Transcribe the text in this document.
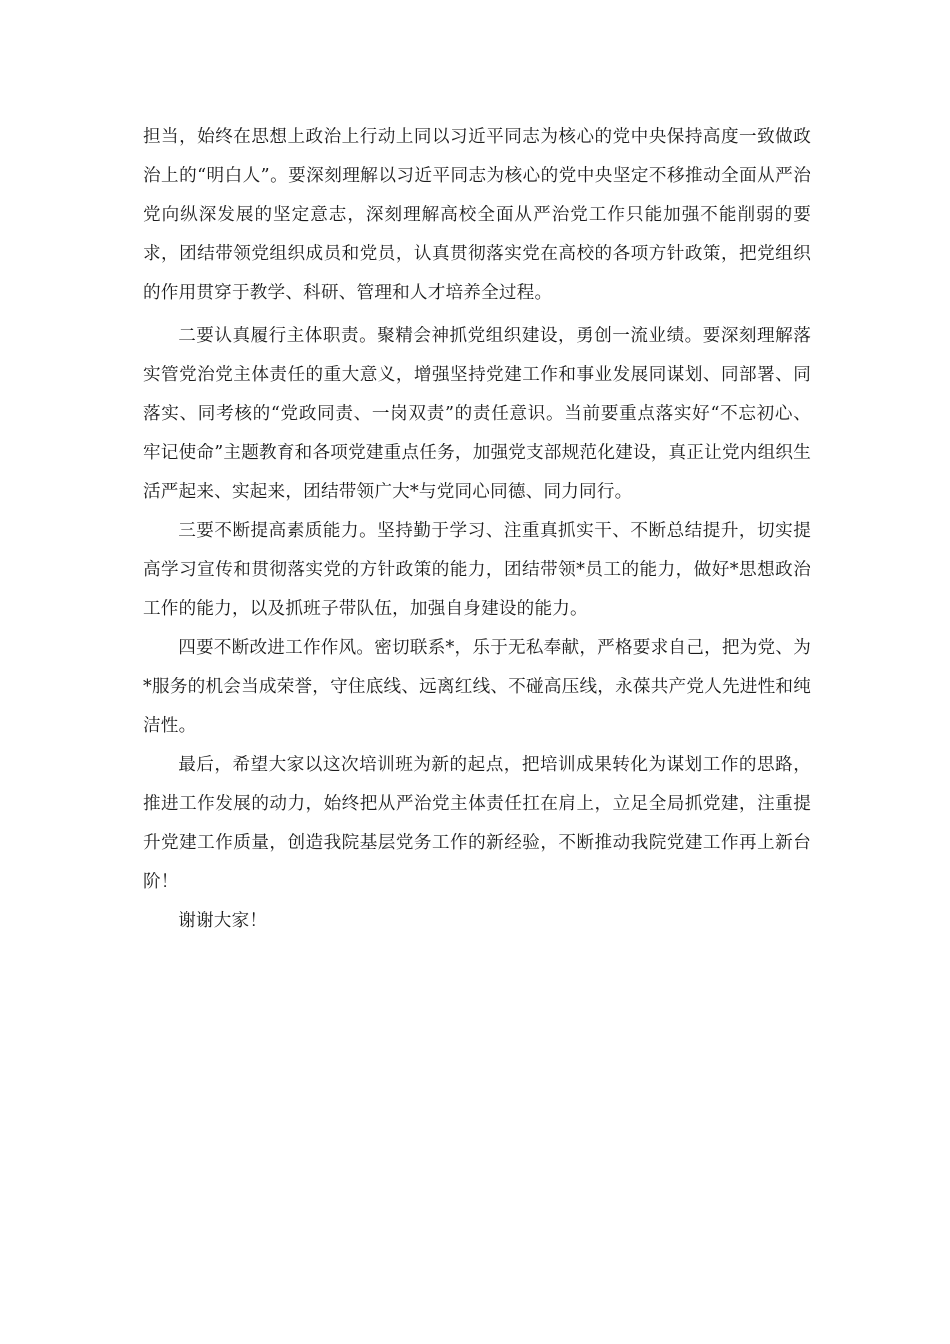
担当，始终在思想上政治上行动上同以习近平同志为核心的党中央保持高度一致做政治上的“明白人”。要深刻理解以习近平同志为核心的党中央坚定不移推动全面从严治党向纵深发展的坚定意志，深刻理解高校全面从严治党工作只能加强不能削弱的要求，团结带领党组织成员和党员，认真贯彻落实党在高校的各项方针政策，把党组织的作用贯穿于教学、科研、管理和人才培养全过程。

二要认真履行主体职责。聚精会神抓党组织建设，勇创一流业绩。要深刻理解落实管党治党主体责任的重大意义，增强坚持党建工作和事业发展同谋划、同部署、同落实、同考核的“党政同责、一岗双责”的责任意识。当前要重点落实好“不忘初心、牢记使命”主题教育和各项党建重点任务，加强党支部规范化建设，真正让党内组织生活严起来、实起来，团结带领广大*与党同心同德、同力同行。

三要不断提高素质能力。坚持勤于学习、注重真抓实干、不断总结提升，切实提高学习宣传和贯彻落实党的方针政策的能力，团结带领*员工的能力，做好*思想政治工作的能力，以及抓班子带队伍，加强自身建设的能力。

四要不断改进工作作风。密切联系*，乐于无私奉献，严格要求自己，把为党、为*服务的机会当成荣誉，守住底线、远离红线、不碰高压线，永葆共产党人先进性和纯洁性。

最后，希望大家以这次培训班为新的起点，把培训成果转化为谋划工作的思路，推进工作发展的动力，始终把从严治党主体责任扛在肩上，立足全局抓党建，注重提升党建工作质量，创造我院基层党务工作的新经验，不断推动我院党建工作再上新台阶！

谢谢大家！
